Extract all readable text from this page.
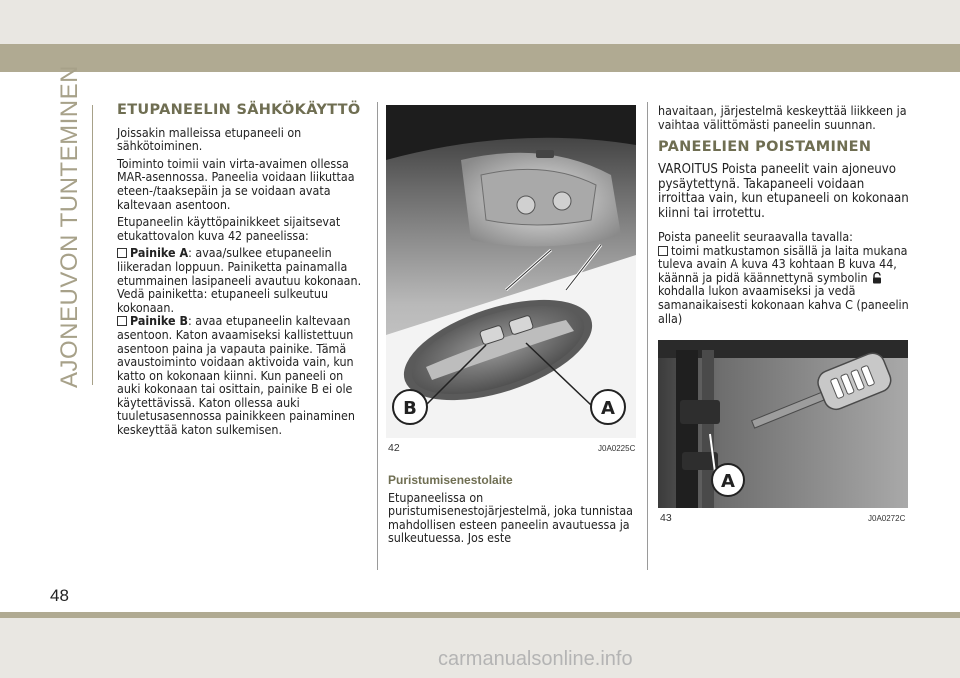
AJONEUVON TUNTEMINEN ETUPANEELIN SÄHKÖKÄYTTÖ

Joissakin malleissa etupaneeli on sähkötoiminen.

Toiminto toimii vain virta-avaimen ollessa MAR-asennossa. Paneelia voidaan liikuttaa eteen-/taaksepäin ja se voidaan avata kaltevaan asentoon.

Etupaneelin käyttöpainikkeet sijaitsevat etukattovalon kuva 42 paneelissa:

Painike A: avaa/sulkee etupaneelin liikeradan loppuun. Painiketta painamalla etummainen lasipaneeli avautuu kokonaan. Vedä painiketta: etupaneeli sulkeutuu kokonaan.

Painike B: avaa etupaneelin kaltevaan asentoon. Katon avaamiseksi kallistettuun asentoon paina ja vapauta painike. Tämä avaustoiminto voidaan aktivoida vain, kun katto on kokonaan kiinni. Kun paneeli on auki kokonaan tai osittain, painike B ei ole käytettävissä. Katon ollessa auki tuuletusasennossa painikkeen painaminen keskeyttää katon sulkemisen.

B	A
42	J0A0225C
Puristumisenestolaite

Etupaneelissa on puristumisenestojärjestelmä, joka tunnistaa mahdollisen esteen paneelin avautuessa ja sulkeutuessa. Jos este

havaitaan, järjestelmä keskeyttää liikkeen ja vaihtaa välittömästi paneelin suunnan.

PANEELIEN POISTAMINEN

VAROITUS Poista paneelit vain ajoneuvo pysäytettynä. Takapaneeli voidaan irroittaa vain, kun etupaneeli on kokonaan kiinni tai irrotettu.

Poista paneelit seuraavalla tavalla:

toimi matkustamon sisällä ja laita mukana tuleva avain A kuva 43 kohtaan B kuva 44, käännä ja pidä käännettynä symbolin kohdalla lukon avaamiseksi ja vedä samanaikaisesti kokonaan kahva C (paneelin alla)

A
43	J0A0272C
48
carmanualsonline.info
